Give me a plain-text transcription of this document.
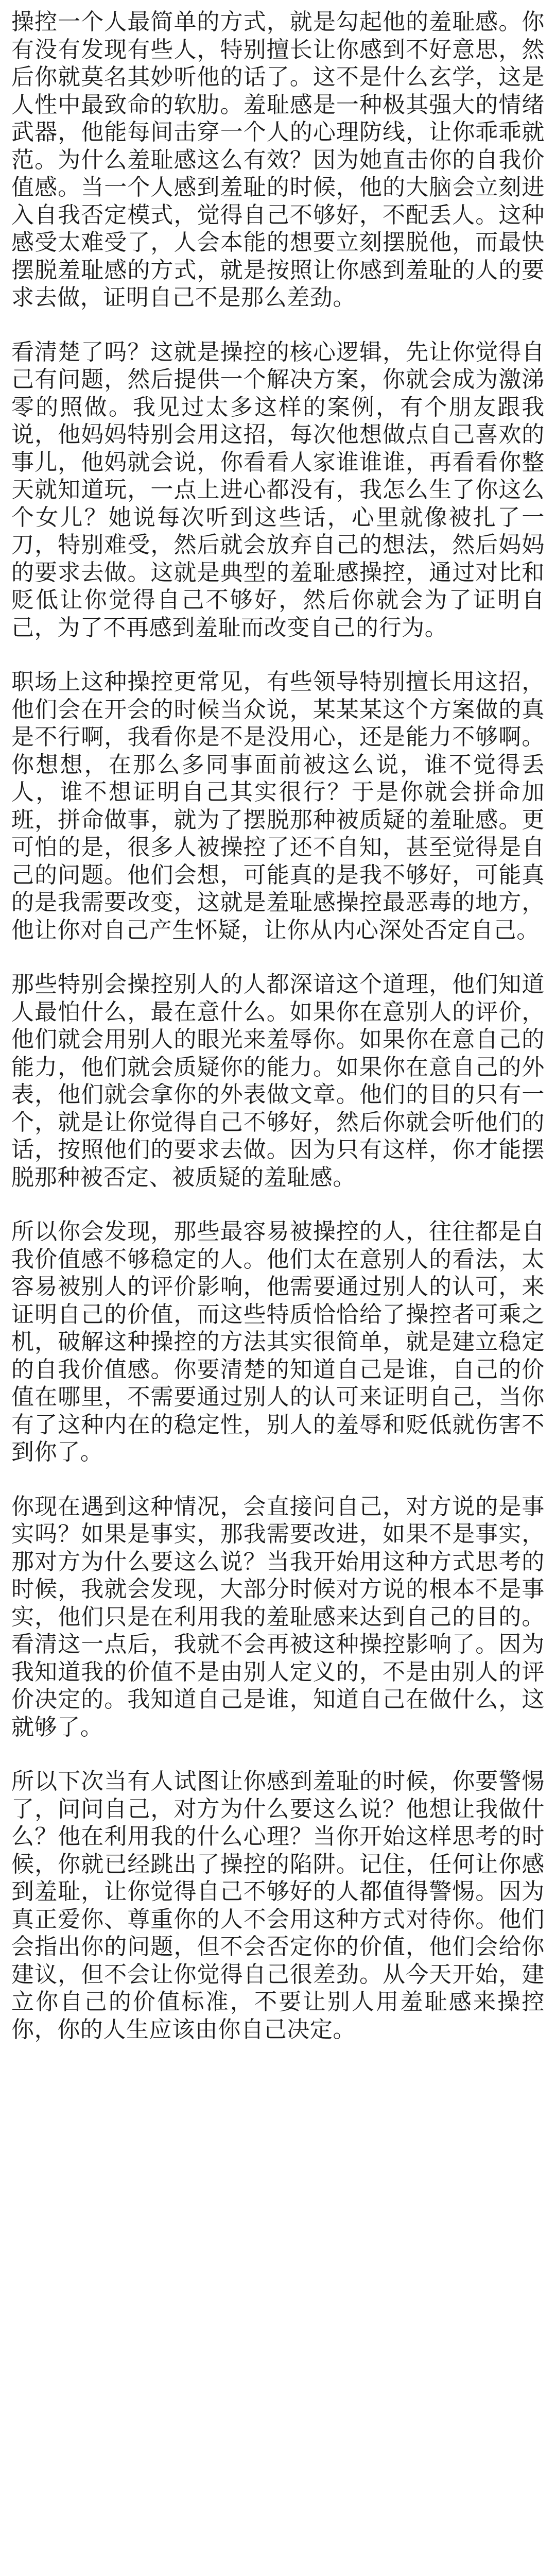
操控一个人最简单的方式，就是勾起他的羞耻感。你有没有发现有些人，特别擅长让你感到不好意思，然后你就莫名其妙听他的话了。这不是什么玄学，这是人性中最致命的软肋。羞耻感是一种极其强大的情绪武器，他能每间击穿一个人的心理防线，让你乖乖就范。为什么羞耻感这么有效？因为她直击你的自我价值感。当一个人感到羞耻的时候，他的大脑会立刻进入自我否定模式，觉得自己不够好，不配丢人。这种感受太难受了，人会本能的想要立刻摆脱他，而最快摆脱羞耻感的方式，就是按照让你感到羞耻的人的要求去做，证明自己不是那么差劲。

看清楚了吗？这就是操控的核心逻辑，先让你觉得自己有问题，然后提供一个解决方案，你就会成为激涕零的照做。我见过太多这样的案例，有个朋友跟我说，他妈妈特别会用这招，每次他想做点自己喜欢的事儿，他妈就会说，你看看人家谁谁谁，再看看你整天就知道玩，一点上进心都没有，我怎么生了你这么个女儿？她说每次听到这些话，心里就像被扎了一刀，特别难受，然后就会放弃自己的想法，然后妈妈的要求去做。这就是典型的羞耻感操控，通过对比和贬低让你觉得自己不够好，然后你就会为了证明自己，为了不再感到羞耻而改变自己的行为。

职场上这种操控更常见，有些领导特别擅长用这招，他们会在开会的时候当众说，某某某这个方案做的真是不行啊，我看你是不是没用心，还是能力不够啊。你想想，在那么多同事面前被这么说，谁不觉得丢人，谁不想证明自己其实很行？于是你就会拼命加班，拼命做事，就为了摆脱那种被质疑的羞耻感。更可怕的是，很多人被操控了还不自知，甚至觉得是自己的问题。他们会想，可能真的是我不够好，可能真的是我需要改变，这就是羞耻感操控最恶毒的地方，他让你对自己产生怀疑，让你从内心深处否定自己。

那些特别会操控别人的人都深谙这个道理，他们知道人最怕什么，最在意什么。如果你在意别人的评价，他们就会用别人的眼光来羞辱你。如果你在意自己的能力，他们就会质疑你的能力。如果你在意自己的外表，他们就会拿你的外表做文章。他们的目的只有一个，就是让你觉得自己不够好，然后你就会听他们的话，按照他们的要求去做。因为只有这样，你才能摆脱那种被否定、被质疑的羞耻感。

所以你会发现，那些最容易被操控的人，往往都是自我价值感不够稳定的人。他们太在意别人的看法，太容易被别人的评价影响，他需要通过别人的认可，来证明自己的价值，而这些特质恰恰给了操控者可乘之机，破解这种操控的方法其实很简单，就是建立稳定的自我价值感。你要清楚的知道自己是谁，自己的价值在哪里，不需要通过别人的认可来证明自己，当你有了这种内在的稳定性，别人的羞辱和贬低就伤害不到你了。

你现在遇到这种情况，会直接问自己，对方说的是事实吗？如果是事实，那我需要改进，如果不是事实，那对方为什么要这么说？当我开始用这种方式思考的时候，我就会发现，大部分时候对方说的根本不是事实，他们只是在利用我的羞耻感来达到自己的目的。看清这一点后，我就不会再被这种操控影响了。因为我知道我的价值不是由别人定义的，不是由别人的评价决定的。我知道自己是谁，知道自己在做什么，这就够了。

所以下次当有人试图让你感到羞耻的时候，你要警惕了，问问自己，对方为什么要这么说？他想让我做什么？他在利用我的什么心理？当你开始这样思考的时候，你就已经跳出了操控的陷阱。记住，任何让你感到羞耻，让你觉得自己不够好的人都值得警惕。因为真正爱你、尊重你的人不会用这种方式对待你。他们会指出你的问题，但不会否定你的价值，他们会给你建议，但不会让你觉得自己很差劲。从今天开始，建立你自己的价值标准，不要让别人用羞耻感来操控你，你的人生应该由你自己决定。
